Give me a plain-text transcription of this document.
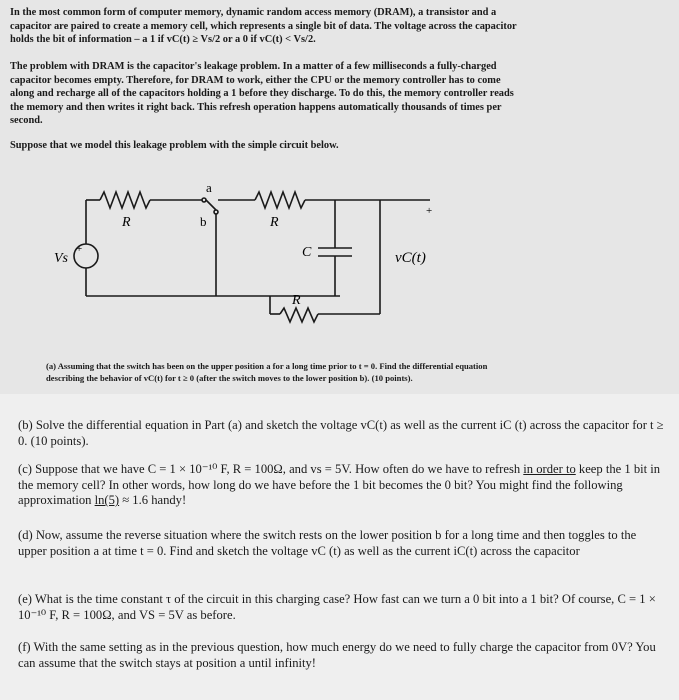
In the most common form of computer memory, dynamic random access memory (DRAM), a transistor and a capacitor are paired to create a memory cell, which represents a single bit of data. The voltage across the capacitor holds the bit of information – a 1 if vC(t) ≥ Vs/2 or a 0 if vC(t) < Vs/2.

The problem with DRAM is the capacitor's leakage problem. In a matter of a few milliseconds a fully-charged capacitor becomes empty. Therefore, for DRAM to work, either the CPU or the memory controller has to come along and recharge all of the capacitors holding a 1 before they discharge. To do this, the memory controller reads the memory and then writes it right back. This refresh operation happens automatically thousands of times per second.

Suppose that we model this leakage problem with the simple circuit below.

+
Vs
R
a
b	R
C
R
+
vC(t)

(a) Assuming that the switch has been on the upper position a for a long time prior to t = 0. Find the differential equation describing the behavior of vC(t) for t ≥ 0 (after the switch moves to the lower position b). (10 points).

(b) Solve the differential equation in Part (a) and sketch the voltage vC(t) as well as the current iC (t) across the capacitor for t ≥ 0. (10 points).

(c) Suppose that we have C = 1 × 10⁻¹⁰ F, R = 100Ω, and vs = 5V. How often do we have to refresh in order to keep the 1 bit in the memory cell? In other words, how long do we have before the 1 bit becomes the 0 bit? You might find the following approximation ln(5) ≈ 1.6 handy!

(d) Now, assume the reverse situation where the switch rests on the lower position b for a long time and then toggles to the upper position a at time t = 0. Find and sketch the voltage vC (t) as well as the current iC(t) across the capacitor

(e) What is the time constant τ of the circuit in this charging case? How fast can we turn a 0 bit into a 1 bit? Of course, C = 1 × 10⁻¹⁰ F, R = 100Ω, and VS = 5V as before.

(f) With the same setting as in the previous question, how much energy do we need to fully charge the capacitor from 0V? You can assume that the switch stays at position a until infinity!
